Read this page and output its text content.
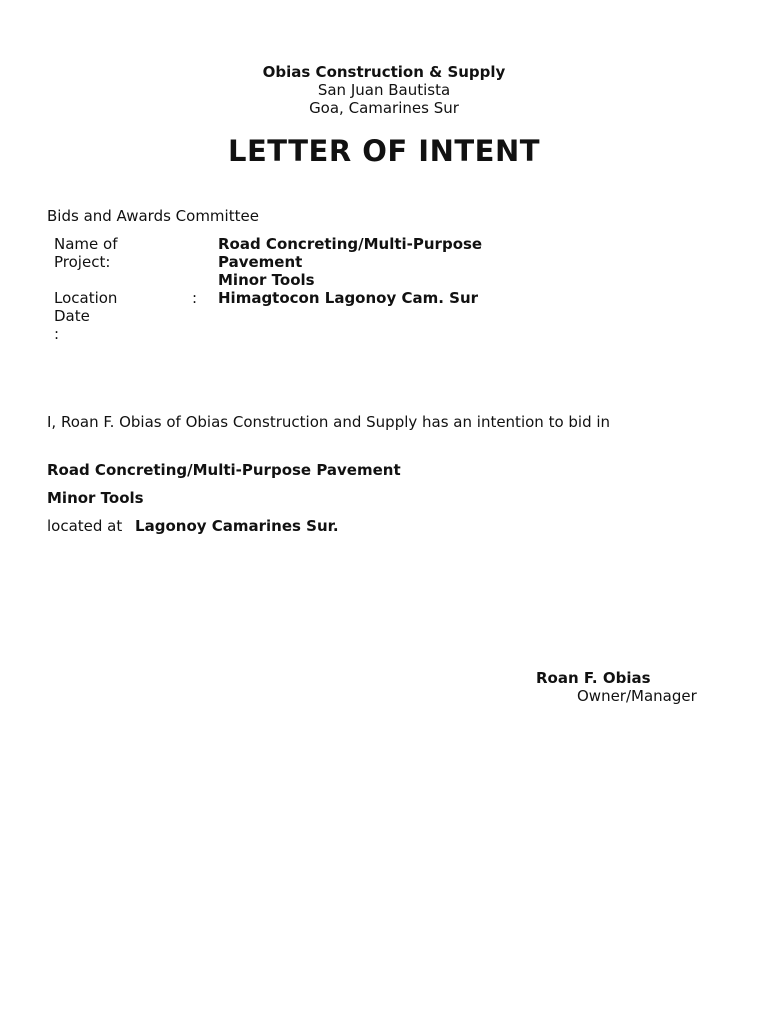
Obias Construction & Supply
San Juan Bautista
Goa, Camarines Sur
LETTER OF INTENT
Bids and Awards Committee
Name of
Project:
Road Concreting/Multi-Purpose
Pavement
Minor Tools
Location	: Himagtocon Lagonoy Cam. Sur
Date
:
I, Roan F. Obias of Obias Construction and Supply has an intention to bid in
Road Concreting/Multi-Purpose Pavement
Minor Tools
located at Lagonoy Camarines Sur.
Roan F. Obias
Owner/Manager
